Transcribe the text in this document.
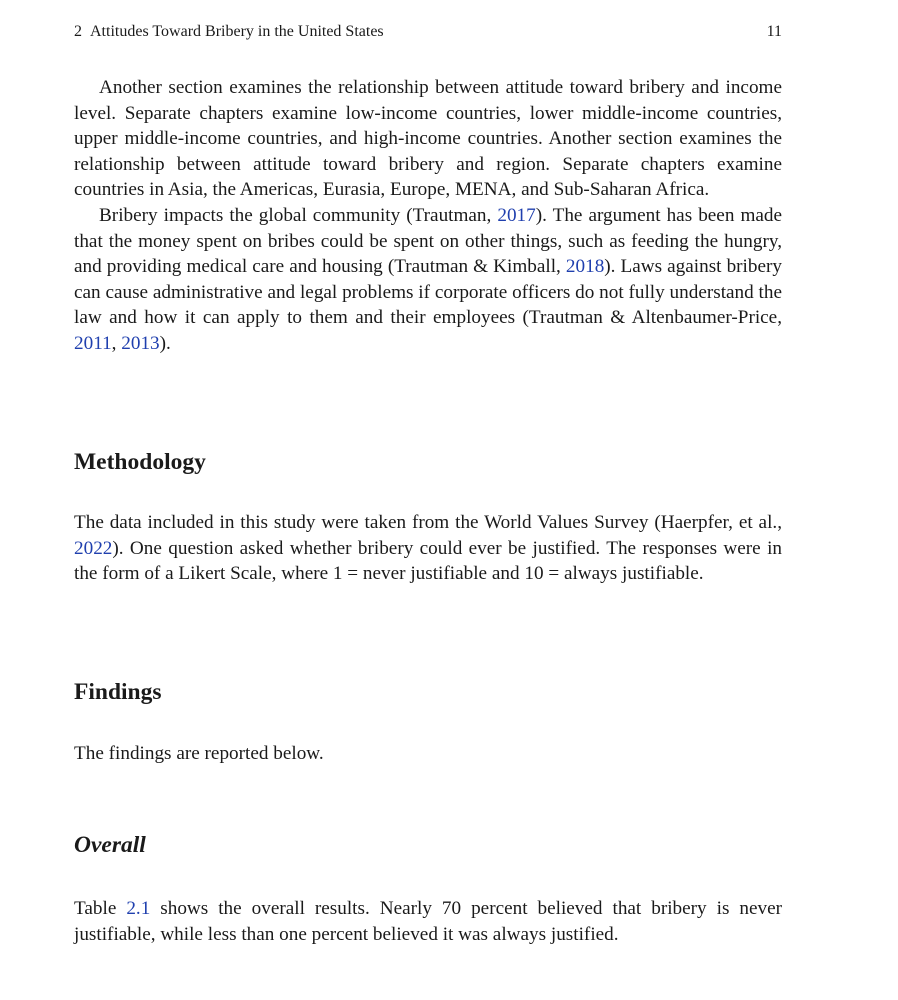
2 Attitudes Toward Bribery in the United States	11

Another section examines the relationship between attitude toward bribery and income level. Separate chapters examine low-income countries, lower middle-income countries, upper middle-income countries, and high-income countries. Another section examines the relationship between attitude toward bribery and region. Separate chapters examine countries in Asia, the Americas, Eurasia, Europe, MENA, and Sub-Saharan Africa.

Bribery impacts the global community (Trautman, 2017). The argument has been made that the money spent on bribes could be spent on other things, such as feeding the hungry, and providing medical care and housing (Trautman & Kimball, 2018). Laws against bribery can cause administrative and legal problems if corporate officers do not fully understand the law and how it can apply to them and their employees (Trautman & Altenbaumer-Price, 2011, 2013).

Methodology

The data included in this study were taken from the World Values Survey (Haerpfer, et al., 2022). One question asked whether bribery could ever be justified. The responses were in the form of a Likert Scale, where 1 = never justifiable and 10 = always justifiable.

Findings

The findings are reported below.

Overall

Table 2.1 shows the overall results. Nearly 70 percent believed that bribery is never justifiable, while less than one percent believed it was always justified.
